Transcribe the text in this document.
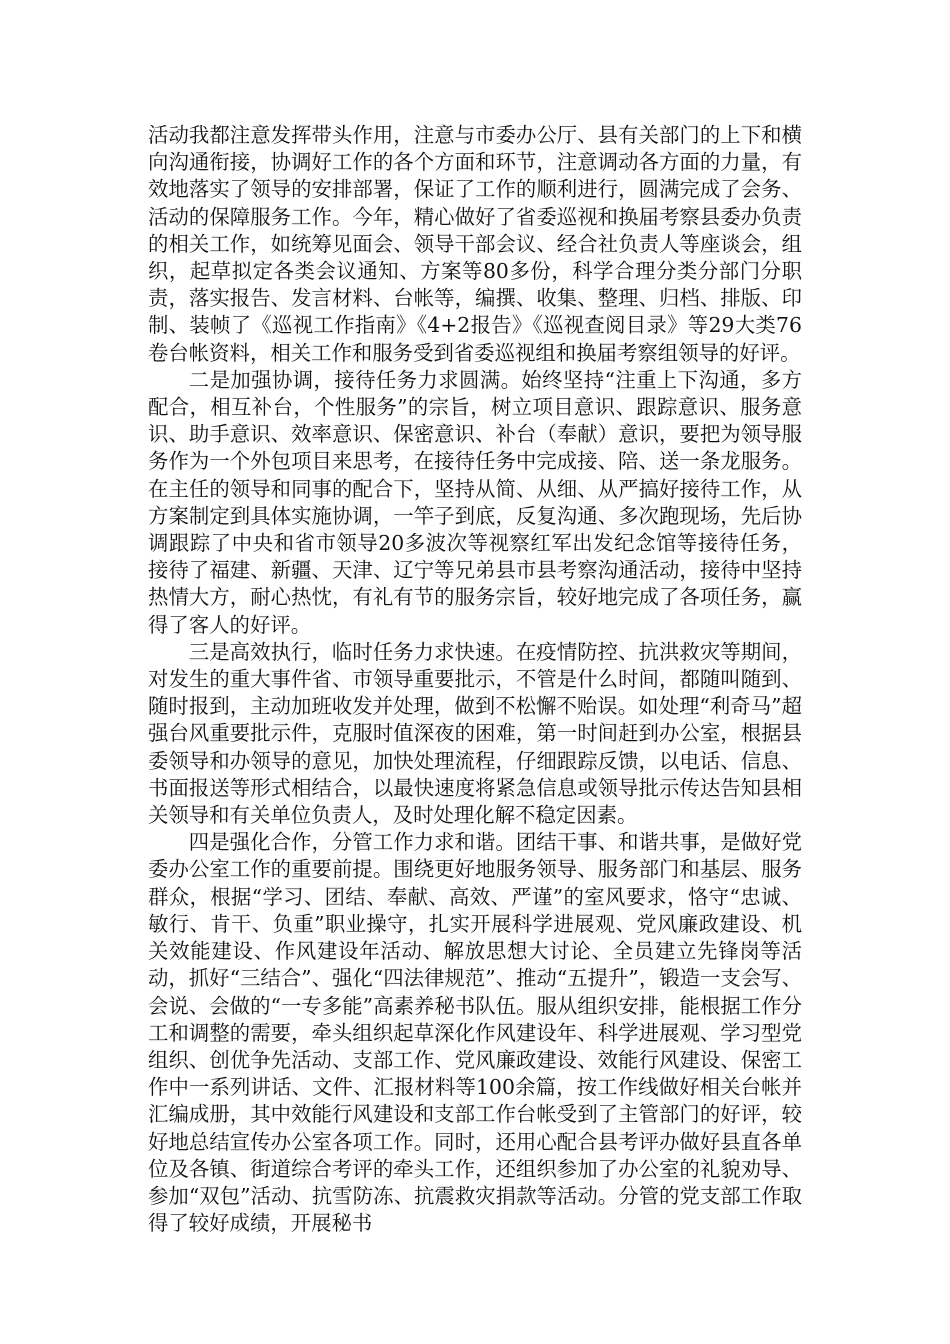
活动我都注意发挥带头作用，注意与市委办公厅、县有关部门的上下和横向沟通衔接，协调好工作的各个方面和环节，注意调动各方面的力量，有效地落实了领导的安排部署，保证了工作的顺利进行，圆满完成了会务、活动的保障服务工作。今年，精心做好了省委巡视和换届考察县委办负责的相关工作，如统筹见面会、领导干部会议、经合社负责人等座谈会，组织，起草拟定各类会议通知、方案等80多份，科学合理分类分部门分职责，落实报告、发言材料、台帐等，编撰、收集、整理、归档、排版、印制、装帧了《巡视工作指南》《4+2报告》《巡视查阅目录》等29大类76卷台帐资料，相关工作和服务受到省委巡视组和换届考察组领导的好评。

二是加强协调，接待任务力求圆满。始终坚持“注重上下沟通，多方配合，相互补台，个性服务”的宗旨，树立项目意识、跟踪意识、服务意识、助手意识、效率意识、保密意识、补台（奉献）意识，要把为领导服务作为一个外包项目来思考，在接待任务中完成接、陪、送一条龙服务。在主任的领导和同事的配合下，坚持从简、从细、从严搞好接待工作，从方案制定到具体实施协调，一竿子到底，反复沟通、多次跑现场，先后协调跟踪了中央和省市领导20多波次等视察红军出发纪念馆等接待任务，接待了福建、新疆、天津、辽宁等兄弟县市县考察沟通活动，接待中坚持热情大方，耐心热忱，有礼有节的服务宗旨，较好地完成了各项任务，赢得了客人的好评。

三是高效执行，临时任务力求快速。在疫情防控、抗洪救灾等期间，对发生的重大事件省、市领导重要批示，不管是什么时间，都随叫随到、随时报到，主动加班收发并处理，做到不松懈不贻误。如处理“利奇马”超强台风重要批示件，克服时值深夜的困难，第一时间赶到办公室，根据县委领导和办领导的意见，加快处理流程，仔细跟踪反馈，以电话、信息、书面报送等形式相结合，以最快速度将紧急信息或领导批示传达告知县相关领导和有关单位负责人，及时处理化解不稳定因素。

四是强化合作，分管工作力求和谐。团结干事、和谐共事，是做好党委办公室工作的重要前提。围绕更好地服务领导、服务部门和基层、服务群众，根据“学习、团结、奉献、高效、严谨”的室风要求，恪守“忠诚、敏行、肯干、负重”职业操守，扎实开展科学进展观、党风廉政建设、机关效能建设、作风建设年活动、解放思想大讨论、全员建立先锋岗等活动，抓好“三结合”、强化“四法律规范”、推动“五提升”，锻造一支会写、会说、会做的“一专多能”高素养秘书队伍。服从组织安排，能根据工作分工和调整的需要，牵头组织起草深化作风建设年、科学进展观、学习型党组织、创优争先活动、支部工作、党风廉政建设、效能行风建设、保密工作中一系列讲话、文件、汇报材料等100余篇，按工作线做好相关台帐并汇编成册，其中效能行风建设和支部工作台帐受到了主管部门的好评，较好地总结宣传办公室各项工作。同时，还用心配合县考评办做好县直各单位及各镇、街道综合考评的牵头工作，还组织参加了办公室的礼貌劝导、参加“双包”活动、抗雪防冻、抗震救灾捐款等活动。分管的党支部工作取得了较好成绩，开展秘书
